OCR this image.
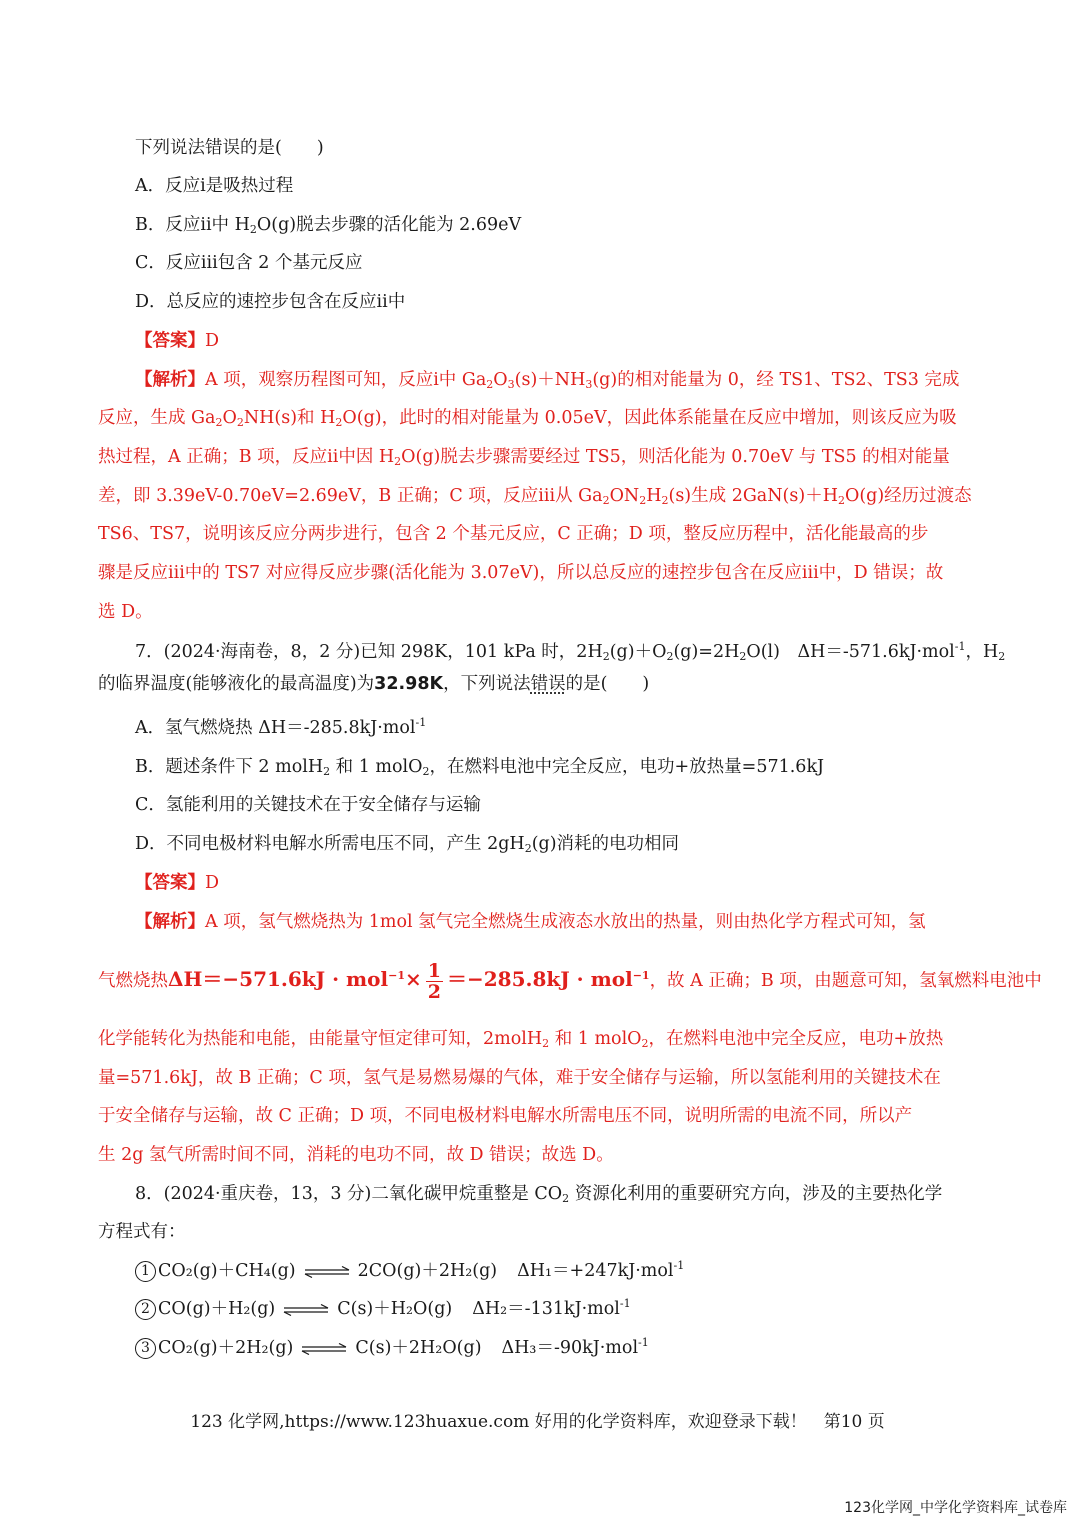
下列说法错误的是(　　)
A．反应i是吸热过程
B．反应ii中 $H_2O(g)$脱去步骤的活化能为 2.69eV
C．反应iii包含 2 个基元反应
D．总反应的速控步包含在反应ii中
【答案】D
【解析】A 项，观察历程图可知，反应i中 $Ga_2O_3(s)+NH_3(g)$的相对能量为 0，经 TS1、TS2、TS3 完成
反应，生成 $Ga_2O_2NH(s)$和 $H_2O(g)$，此时的相对能量为 0.05eV，因此体系能量在反应中增加，则该反应为吸
热过程，A 正确；B 项，反应ii中因 $H_2O(g)$脱去步骤需要经过 TS5，则活化能为 0.70eV 与 TS5 的相对能量
差，即 3.39eV-0.70eV=2.69eV，B 正确；C 项，反应iii从 $Ga_2ON_2H_2(s)$生成 $2GaN(s)+H_2O(g)$经历过渡态
TS6、TS7，说明该反应分两步进行，包含 2 个基元反应，C 正确；D 项，整反应历程中，活化能最高的步
骤是反应iii中的 TS7 对应得反应步骤(活化能为 3.07eV)，所以总反应的速控步包含在反应iii中，D 错误；故
选 D。
7．(2024·海南卷，8，2 分)已知 298K，101 kPa 时，$2H_2(g)+O_2(g)=2H_2O(l)$　ΔH＝-571.6kJ·mol$^{-1}$，$H_2$
的临界温度(能够液化的最高温度)为32.98K，下列说法错误的是(　　)
A．氢气燃烧热 ΔH＝-285.8kJ·mol$^{-1}$
B．题述条件下 2 molH$_2$ 和 1 molO$_2$，在燃料电池中完全反应，电功+放热量=571.6kJ
C．氢能利用的关键技术在于安全储存与运输
D．不同电极材料电解水所需电压不同，产生 $2gH_2(g)$消耗的电功相同
【答案】D
【解析】A 项，氢气燃烧热为 1mol 氢气完全燃烧生成液态水放出的热量，则由热化学方程式可知，氢
气燃烧热$\Delta H=-571.6kJ \cdot mol^{-1}\times \frac{1}{2} =-285.8kJ \cdot mol^{-1}$，故 A 正确；B 项，由题意可知，氢氧燃料电池中
化学能转化为热能和电能，由能量守恒定律可知，2molH$_2$ 和 1 molO$_2$，在燃料电池中完全反应，电功+放热
量=571.6kJ，故 B 正确；C 项，氢气是易燃易爆的气体，难于安全储存与运输，所以氢能利用的关键技术在
于安全储存与运输，故 C 正确；D 项，不同电极材料电解水所需电压不同，说明所需的电流不同，所以产
生 2g 氢气所需时间不同，消耗的电功不同，故 D 错误；故选 D。
8．(2024·重庆卷，13，3 分)二氧化碳甲烷重整是 $CO_2$ 资源化利用的重要研究方向，涉及的主要热化学
方程式有：
1 CO₂(g)＋CH₄(g) ⇌ 2CO(g)＋2H₂(g) ΔH₁＝+247kJ·mol$^{-1}$
2 CO(g)＋H₂(g) ⇌ C(s)＋H₂O(g) ΔH₂＝-131kJ·mol$^{-1}$
3 CO₂(g)＋2H₂(g) ⇌ C(s)＋2H₂O(g) ΔH₃＝-90kJ·mol$^{-1}$
123 化学网,https://www.123huaxue.com 好用的化学资料库，欢迎登录下载！　第10 页
123化学网_中学化学资料库_试卷库
